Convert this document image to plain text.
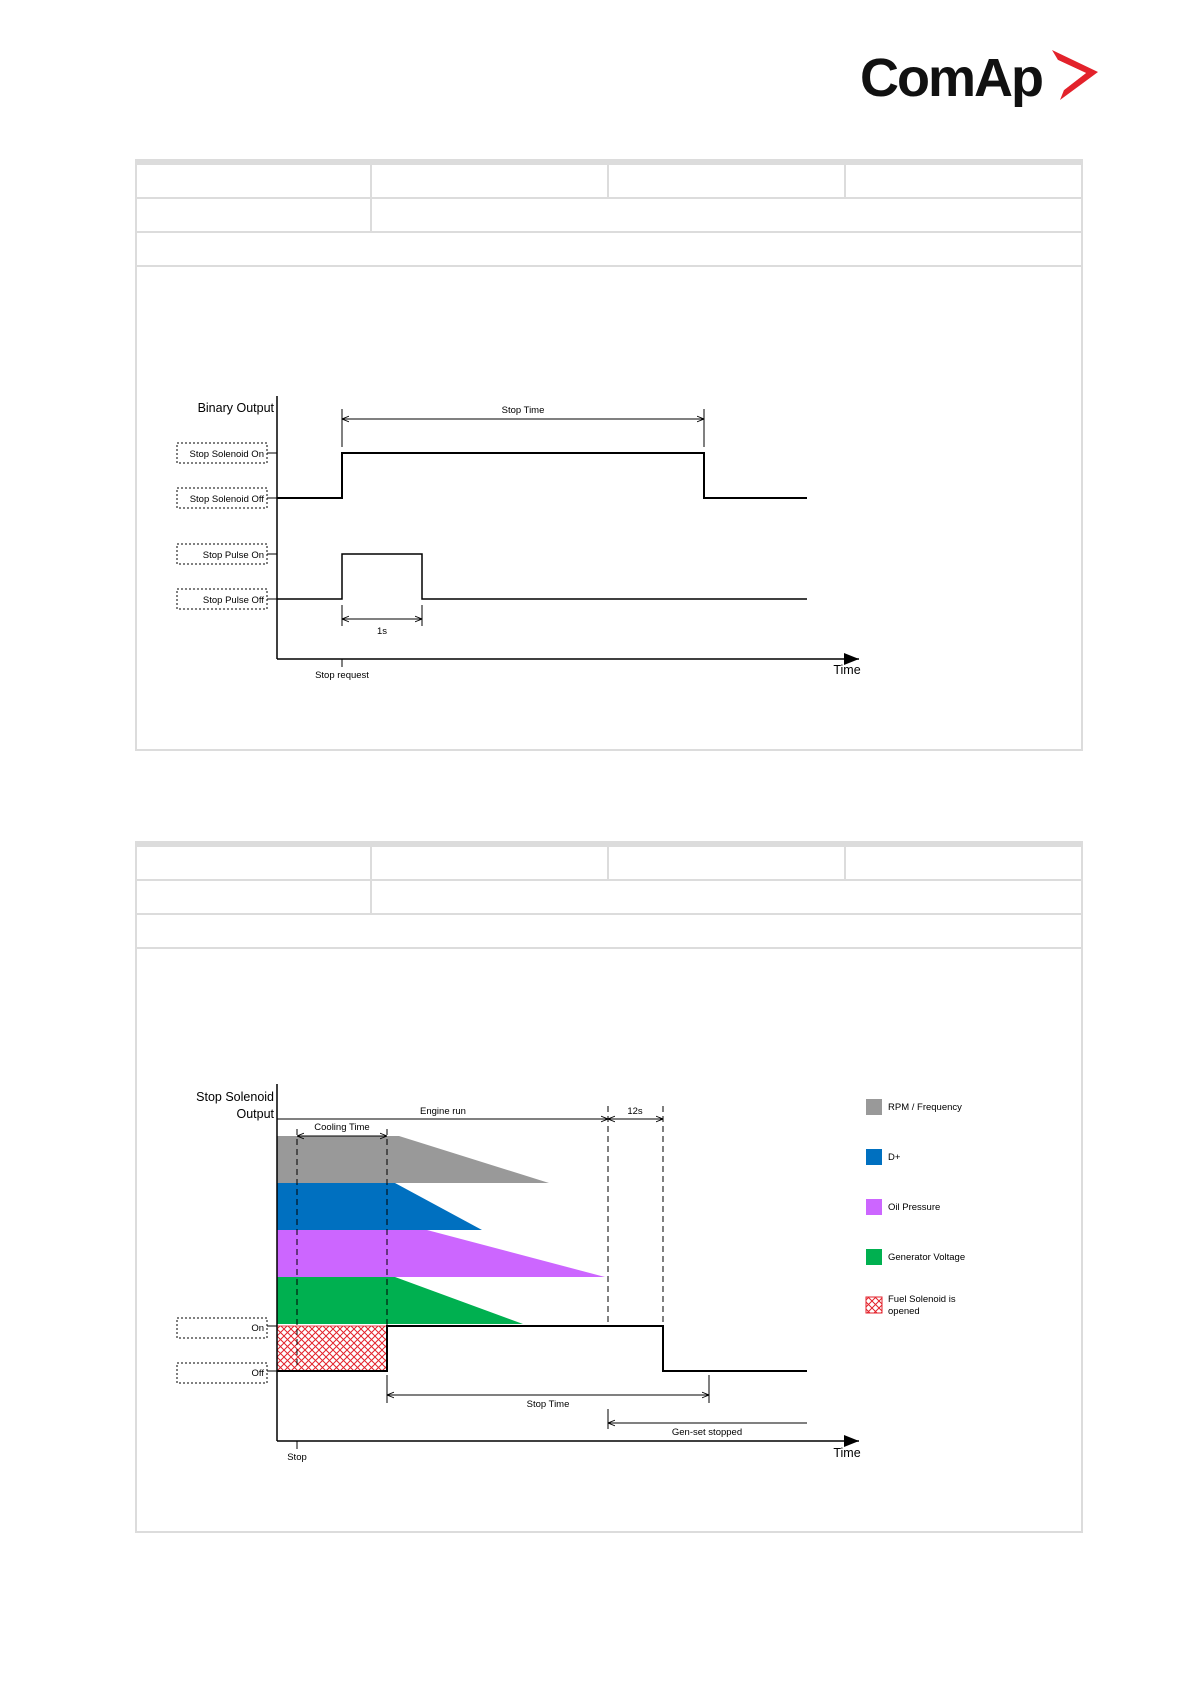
ComAp
Binary Output
Time
Stop Solenoid On
Stop Solenoid Off
Stop Pulse On
Stop Pulse Off
Stop Time
1s
Stop request
Stop Solenoid
Output
Time
On
Off
Engine run	12s
Cooling Time
Stop Time
Gen-set stopped
Stop
RPM / Frequency
D+
Oil Pressure
Generator Voltage
Fuel Solenoid is
opened
